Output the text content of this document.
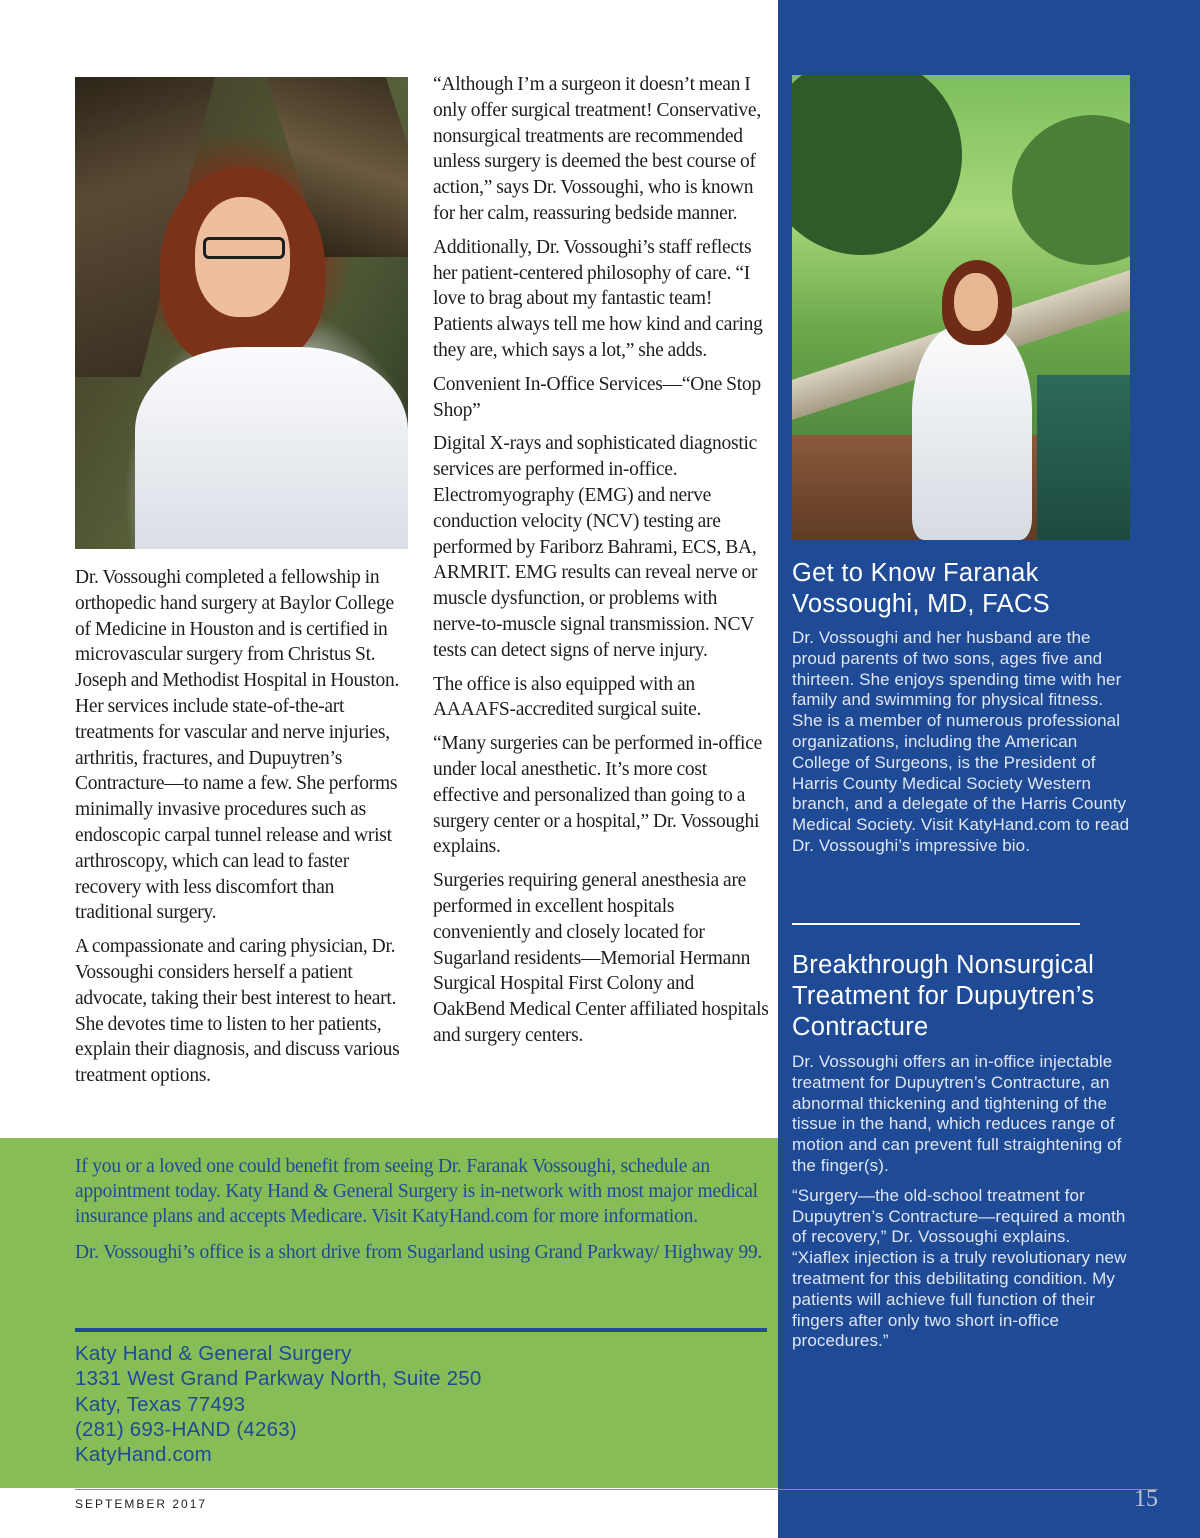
Dr. Vossoughi completed a fellowship in orthopedic hand surgery at Baylor College of Medicine in Houston and is certified in microvascular surgery from Christus St. Joseph and Methodist Hospital in Houston. Her services include state-of-the-art treatments for vascular and nerve injuries, arthritis, fractures, and Dupuytren’s Contracture—to name a few. She performs minimally invasive procedures such as endoscopic carpal tunnel release and wrist arthroscopy, which can lead to faster recovery with less discomfort than traditional surgery.

A compassionate and caring physician, Dr. Vossoughi considers herself a patient advocate, taking their best interest to heart. She devotes time to listen to her patients, explain their diagnosis, and discuss various treatment options.

“Although I’m a surgeon it doesn’t mean I only offer surgical treatment! Conservative, nonsurgical treatments are recommended unless surgery is deemed the best course of action,” says Dr. Vossoughi, who is known for her calm, reassuring bedside manner.

Additionally, Dr. Vossoughi’s staff reflects her patient-centered philosophy of care. “I love to brag about my fantastic team! Patients always tell me how kind and caring they are, which says a lot,” she adds.

Convenient In-Office Services—“One Stop Shop”

Digital X-rays and sophisticated diagnostic services are performed in-office. Electromyography (EMG) and nerve conduction velocity (NCV) testing are performed by Fariborz Bahrami, ECS, BA, ARMRIT. EMG results can reveal nerve or muscle dysfunction, or problems with nerve-to-muscle signal transmission. NCV tests can detect signs of nerve injury.

The office is also equipped with an AAAAFS-accredited surgical suite.

“Many surgeries can be performed in-office under local anesthetic. It’s more cost effective and personalized than going to a surgery center or a hospital,” Dr. Vossoughi explains.

Surgeries requiring general anesthesia are performed in excellent hospitals conveniently and closely located for Sugarland residents—Memorial Hermann Surgical Hospital First Colony and OakBend Medical Center affiliated hospitals and surgery centers.

Get to Know Faranak Vossoughi, MD, FACS

Dr. Vossoughi and her husband are the proud parents of two sons, ages five and thirteen. She enjoys spending time with her family and swimming for physical fitness. She is a member of numerous professional organizations, including the American College of Surgeons, is the President of Harris County Medical Society Western branch, and a delegate of the Harris County Medical Society. Visit KatyHand.com to read Dr. Vossoughi’s impressive bio.

Breakthrough Nonsurgical Treatment for Dupuytren’s Contracture

Dr. Vossoughi offers an in-office injectable treatment for Dupuytren’s Contracture, an abnormal thickening and tightening of the tissue in the hand, which reduces range of motion and can prevent full straightening of the finger(s).

“Surgery—the old-school treatment for Dupuytren’s Contracture—required a month of recovery,” Dr. Vossoughi explains. “Xiaflex injection is a truly revolutionary new treatment for this debilitating condition. My patients will achieve full function of their fingers after only two short in-office procedures.”

If you or a loved one could benefit from seeing Dr. Faranak Vossoughi, schedule an appointment today. Katy Hand & General Surgery is in-network with most major medical insurance plans and accepts Medicare. Visit KatyHand.com for more information.

Dr. Vossoughi’s office is a short drive from Sugarland using Grand Parkway/ Highway 99.

Katy Hand & General Surgery
1331 West Grand Parkway North, Suite 250
Katy, Texas 77493
(281) 693-HAND (4263)
KatyHand.com
SEPTEMBER 2017	15
